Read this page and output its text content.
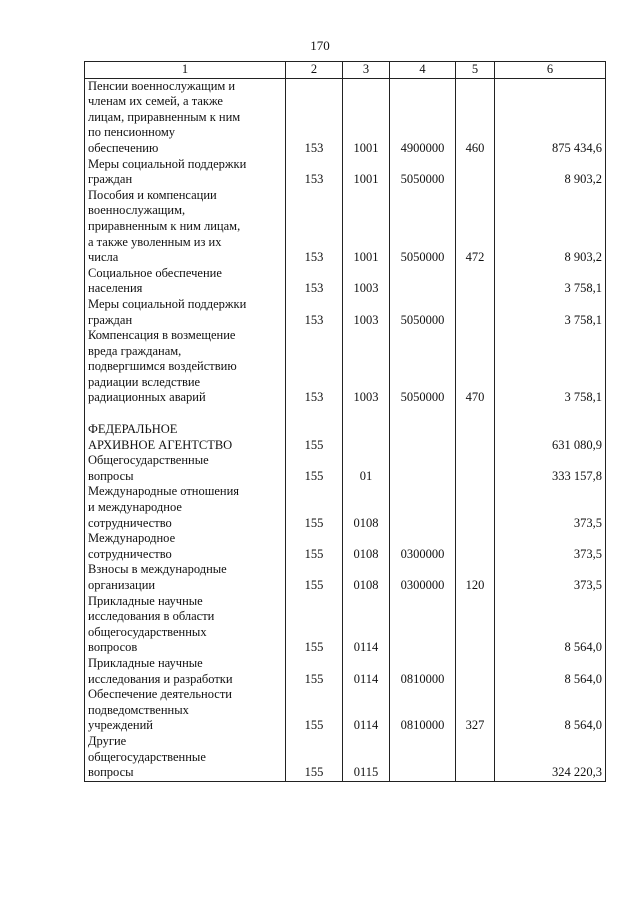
170
1	2	3	4	5	6
Пенсии военнослужащим и
членам их семей, а также
лицам, приравненным к ним
по пенсионному
обеспечению	153	1001	4900000	460	875 434,6
Меры социальной поддержки
граждан	153	1001	5050000		8 903,2
Пособия и компенсации
военнослужащим,
приравненным к ним лицам,
а также уволенным из их
числа	153	1001	5050000	472	8 903,2
Социальное обеспечение
населения	153	1003			3 758,1
Меры социальной поддержки
граждан	153	1003	5050000		3 758,1
Компенсация в возмещение
вреда гражданам,
подвергшимся воздействию
радиации вследствие
радиационных аварий	153	1003	5050000	470	3 758,1

ФЕДЕРАЛЬНОЕ
АРХИВНОЕ АГЕНТСТВО	155				631 080,9
Общегосударственные
вопросы	155	01			333 157,8
Международные отношения
и международное
сотрудничество	155	0108			373,5
Международное
сотрудничество	155	0108	0300000		373,5
Взносы в международные
организации	155	0108	0300000	120	373,5
Прикладные научные
исследования в области
общегосударственных
вопросов	155	0114			8 564,0
Прикладные научные
исследования и разработки	155	0114	0810000		8 564,0
Обеспечение деятельности
подведомственных
учреждений	155	0114	0810000	327	8 564,0
Другие
общегосударственные
вопросы	155	0115			324 220,3
